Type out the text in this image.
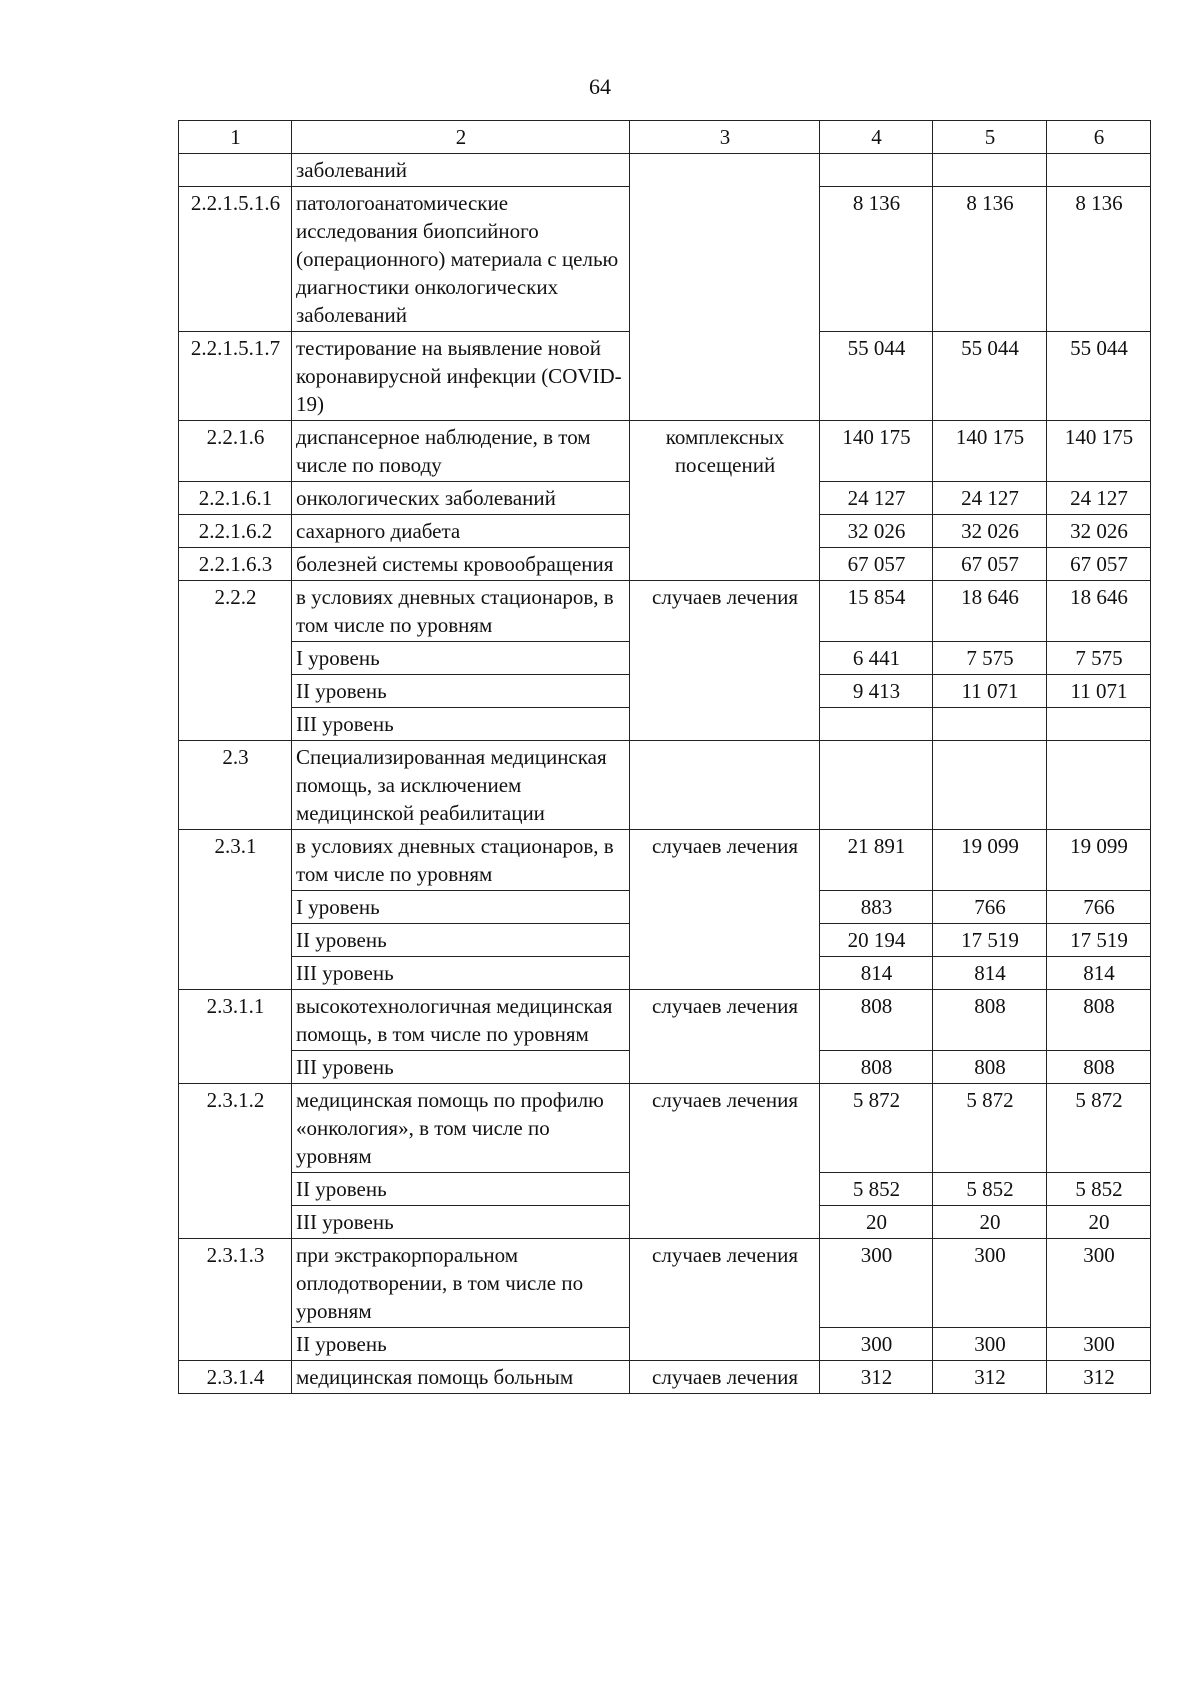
64
1	2	3	4	5	6
	заболеваний				
2.2.1.5.1.6	патологоанатомические исследования биопсийного (операционного) материала с целью диагностики онкологических заболеваний		8 136	8 136	8 136
2.2.1.5.1.7	тестирование на выявление новой коронавирусной инфекции (COVID-19)		55 044	55 044	55 044
2.2.1.6	диспансерное наблюдение, в том числе по поводу	комплексных посещений	140 175	140 175	140 175
2.2.1.6.1	онкологических заболеваний		24 127	24 127	24 127
2.2.1.6.2	сахарного диабета		32 026	32 026	32 026
2.2.1.6.3	болезней системы кровообращения		67 057	67 057	67 057
2.2.2	в условиях дневных стационаров, в том числе по уровням	случаев лечения	15 854	18 646	18 646
	I уровень		6 441	7 575	7 575
	II уровень		9 413	11 071	11 071
	III уровень				
2.3	Специализированная медицинская помощь, за исключением медицинской реабилитации				
2.3.1	в условиях дневных стационаров, в том числе по уровням	случаев лечения	21 891	19 099	19 099
	I уровень		883	766	766
	II уровень		20 194	17 519	17 519
	III уровень		814	814	814
2.3.1.1	высокотехнологичная медицинская помощь, в том числе по уровням	случаев лечения	808	808	808
	III уровень		808	808	808
2.3.1.2	медицинская помощь по профилю «онкология», в том числе по уровням	случаев лечения	5 872	5 872	5 872
	II уровень		5 852	5 852	5 852
	III уровень		20	20	20
2.3.1.3	при экстракорпоральном оплодотворении, в том числе по уровням	случаев лечения	300	300	300
	II уровень		300	300	300
2.3.1.4	медицинская помощь больным	случаев лечения	312	312	312
